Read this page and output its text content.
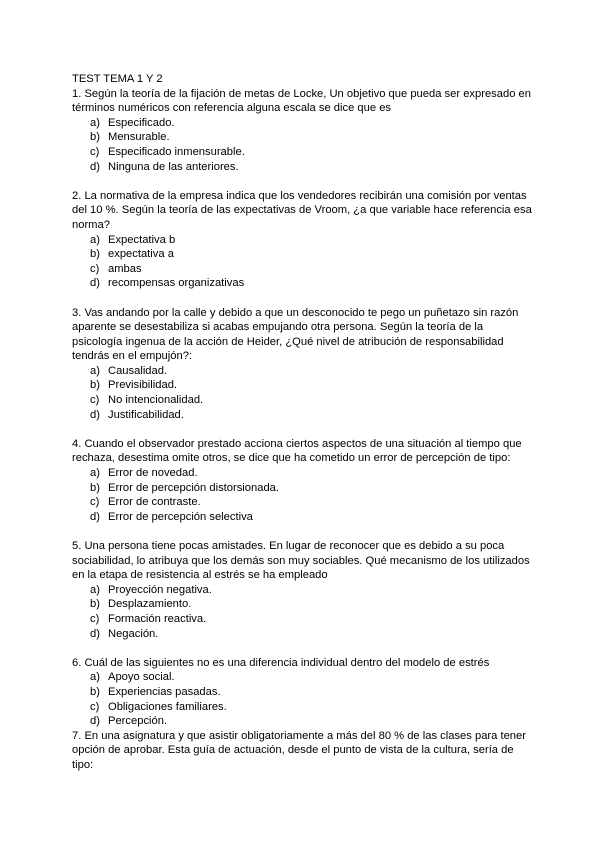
TEST TEMA 1 Y 2

1. Según la teoría de la fijación de metas de Locke, Un objetivo que pueda ser expresado en términos numéricos con referencia alguna escala se dice que es

a) Especificado.
b) Mensurable.
c) Especificado inmensurable.
d) Ninguna de las anteriores.

2. La normativa de la empresa indica que los vendedores recibirán una comisión por ventas del 10 %. Según la teoría de las expectativas de Vroom, ¿a que variable hace referencia esa norma?

a) Expectativa b
b) expectativa a
c) ambas
d) recompensas organizativas

3. Vas andando por la calle y debido a que un desconocido te pego un puñetazo sin razón aparente se desestabiliza si acabas empujando otra persona. Según la teoría de la psicología ingenua de la acción de Heider, ¿Qué nivel de atribución de responsabilidad tendrás en el empujón?:

a) Causalidad.
b) Previsibilidad.
c) No intencionalidad.
d) Justificabilidad.

4. Cuando el observador prestado acciona ciertos aspectos de una situación al tiempo que rechaza, desestima omite otros, se dice que ha cometido un error de percepción de tipo:

a) Error de novedad.
b) Error de percepción distorsionada.
c) Error de contraste.
d) Error de percepción selectiva

5. Una persona tiene pocas amistades. En lugar de reconocer que es debido a su poca sociabilidad, lo atribuya que los demás son muy sociables. Qué mecanismo de los utilizados en la etapa de resistencia al estrés se ha empleado

a) Proyección negativa.
b) Desplazamiento.
c) Formación reactiva.
d) Negación.

6. Cuál de las siguientes no es una diferencia individual dentro del modelo de estrés

a) Apoyo social.
b) Experiencias pasadas.
c) Obligaciones familiares.
d) Percepción.

7. En una asignatura y que asistir obligatoriamente a más del 80 % de las clases para tener opción de aprobar. Esta guía de actuación, desde el punto de vista de la cultura, sería de tipo:
